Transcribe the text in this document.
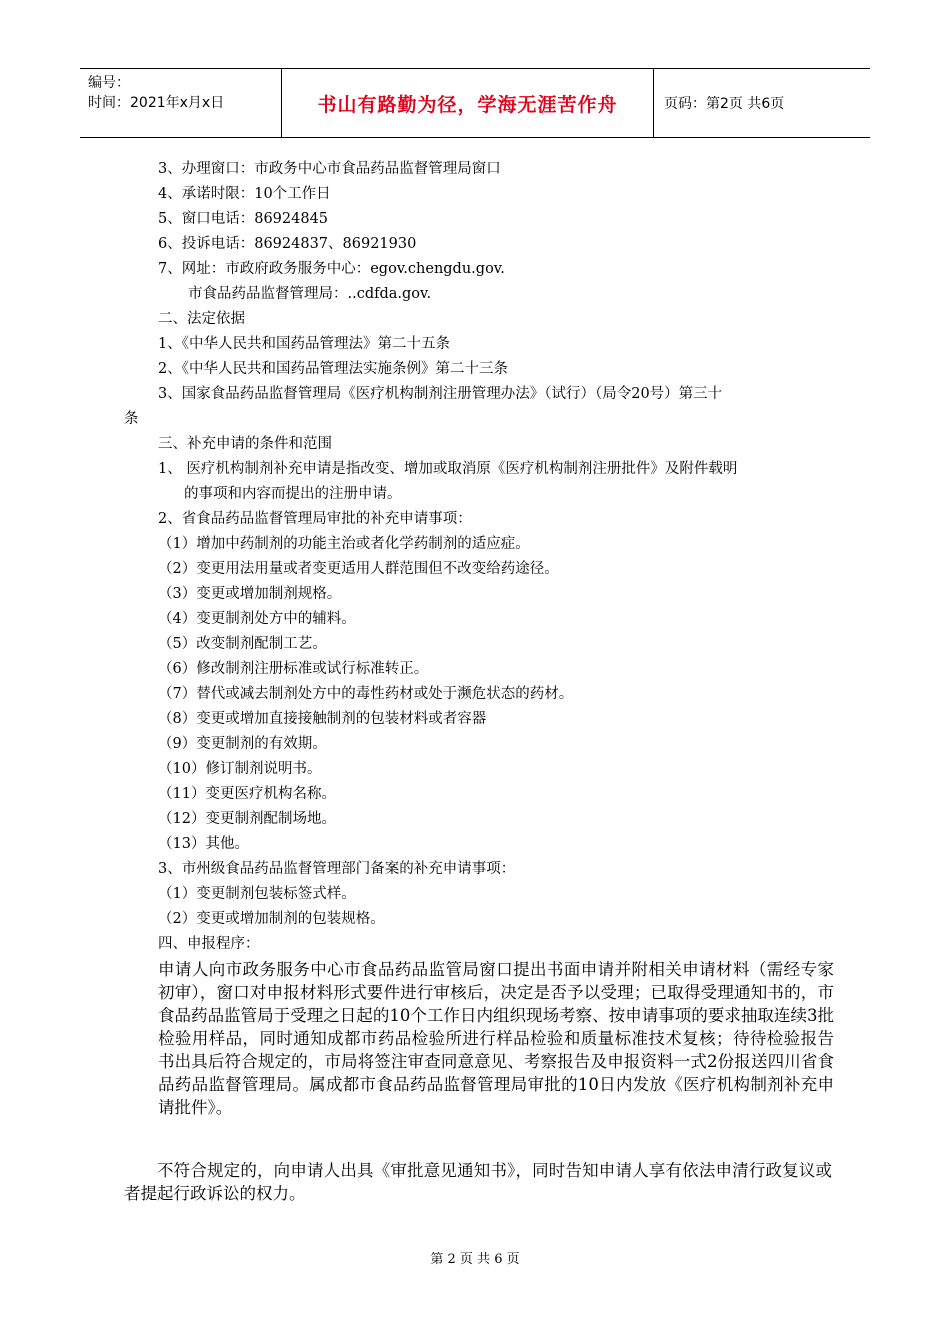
编号：
时间：2021年x月x日	书山有路勤为径，学海无涯苦作舟	页码：第2页 共6页
3、办理窗口：市政务中心市食品药品监督管理局窗口
4、承诺时限：10个工作日
5、窗口电话：86924845
6、投诉电话：86924837、86921930
7、网址：市政府政务服务中心：egov.chengdu.gov.
市食品药品监督管理局：..cdfda.gov.
二、法定依据
1、《中华人民共和国药品管理法》第二十五条
2、《中华人民共和国药品管理法实施条例》第二十三条
3、国家食品药品监督管理局《医疗机构制剂注册管理办法》（试行）（局令20号）第三十
条
三、补充申请的条件和范围
1、 医疗机构制剂补充申请是指改变、增加或取消原《医疗机构制剂注册批件》及附件载明
的事项和内容而提出的注册申请。
2、省食品药品监督管理局审批的补充申请事项：
（1）增加中药制剂的功能主治或者化学药制剂的适应症。
（2）变更用法用量或者变更适用人群范围但不改变给药途径。
（3）变更或增加制剂规格。
（4）变更制剂处方中的辅料。
（5）改变制剂配制工艺。
（6）修改制剂注册标准或试行标准转正。
（7）替代或减去制剂处方中的毒性药材或处于濒危状态的药材。
（8）变更或增加直接接触制剂的包装材料或者容器
（9）变更制剂的有效期。
（10）修订制剂说明书。
（11）变更医疗机构名称。
（12）变更制剂配制场地。
（13）其他。
3、市州级食品药品监督管理部门备案的补充申请事项：
（1）变更制剂包装标签式样。
（2）变更或增加制剂的包装规格。
四、申报程序：
申请人向市政务服务中心市食品药品监管局窗口提出书面申请并附相关申请材料（需经专家初审），窗口对申报材料形式要件进行审核后，决定是否予以受理；已取得受理通知书的，市食品药品监管局于受理之日起的10个工作日内组织现场考察、按申请事项的要求抽取连续3批检验用样品，同时通知成都市药品检验所进行样品检验和质量标准技术复核；待待检验报告书出具后符合规定的，市局将签注审查同意意见、考察报告及申报资料一式2份报送四川省食品药品监督管理局。属成都市食品药品监督管理局审批的10日内发放《医疗机构制剂补充申请批件》。
不符合规定的，向申请人出具《审批意见通知书》，同时告知申请人享有依法申清行政复议或者提起行政诉讼的权力。
第 2 页 共 6 页
